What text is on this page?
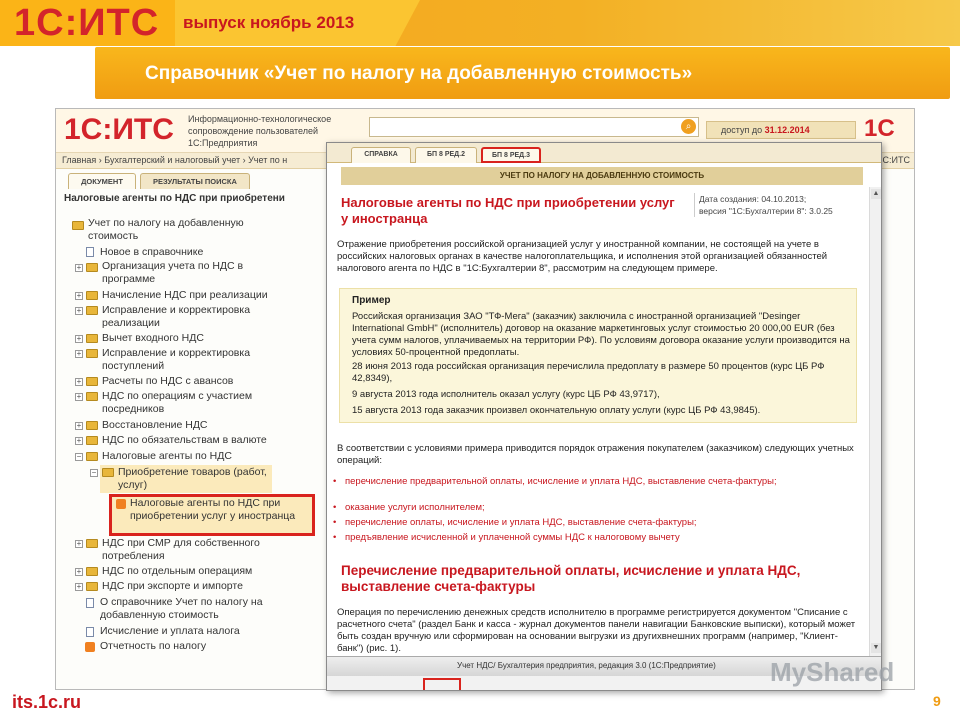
1С:ИТС выпуск ноябрь 2013
Справочник «Учет по налогу на добавленную стоимость»
1С:ИТС Информационно-технологическое сопровождение пользователей 1С:Предприятия
⌕	доступ до 31.12.2014	1С
Главная › Бухгалтерский и налоговый учет › Учет по н	С:ИТС
ДОКУМЕНТ	РЕЗУЛЬТАТЫ ПОИСКА
Налоговые агенты по НДС при приобретени
Учет по налогу на добавленную стоимость
Новое в справочнике
+ Организация учета по НДС в программе
+ Начисление НДС при реализации
+ Исправление и корректировка реализации
+ Вычет входного НДС
+ Исправление и корректировка поступлений
+ Расчеты по НДС с авансов
+ НДС по операциям с участием посредников
+ Восстановление НДС
+ НДС по обязательствам в валюте
− Налоговые агенты по НДС
− Приобретение товаров (работ, услуг)
Налоговые агенты по НДС при приобретении услуг у иностранца
+ НДС при СМР для собственного потребления
+ НДС по отдельным операциям
+ НДС при экспорте и импорте
О справочнике Учет по налогу на добавленную стоимость
Исчисление и уплата налога
Отчетность по налогу
СПРАВКА	БП 8 РЕД.2	БП 8 РЕД.3
УЧЕТ ПО НАЛОГУ НА ДОБАВЛЕННУЮ СТОИМОСТЬ
Налоговые агенты по НДС при приобретении услуг у иностранца
Дата создания: 04.10.2013;
версия "1С:Бухгалтерии 8": 3.0.25
Отражение приобретения российской организацией услуг у иностранной компании, не состоящей на учете в российских налоговых органах в качестве налогоплательщика, и исполнения этой организацией обязанностей налогового агента по НДС в "1С:Бухгалтерии 8", рассмотрим на следующем примере.
Пример
Российская организация ЗАО "ТФ-Мега" (заказчик) заключила с иностранной организацией "Desinger International GmbH" (исполнитель) договор на оказание маркетинговых услуг стоимостью 20 000,00 EUR (без учета сумм налогов, уплачиваемых на территории РФ). По условиям договора оказание услуги производится на условиях 50-процентной предоплаты.
28 июня 2013 года российская организация перечислила предоплату в размере 50 процентов (курс ЦБ РФ 42,8349),
9 августа 2013 года исполнитель оказал услугу (курс ЦБ РФ 43,9717),
15 августа 2013 года заказчик произвел окончательную оплату услуги (курс ЦБ РФ 43,9845).
В соответствии с условиями примера приводится порядок отражения покупателем (заказчиком) следующих учетных операций:
• перечисление предварительной оплаты, исчисление и уплата НДС, выставление счета-фактуры;
• оказание услуги исполнителем;
• перечисление оплаты, исчисление и уплата НДС, выставление счета-фактуры;
• предъявление исчисленной и уплаченной суммы НДС к налоговому вычету
Перечисление предварительной оплаты, исчисление и уплата НДС, выставление счета-фактуры
Операция по перечислению денежных средств исполнителю в программе регистрируется документом "Списание с расчетного счета" (раздел Банк и касса - журнал документов панели навигации Банковские выписки), который может быть создан вручную или сформирован на основании выгрузки из другихвнешних программ (например, "Клиент-банк") (рис. 1).
▲
▼
Учет НДС/ Бухгалтерия предприятия, редакция 3.0 (1С:Предприятие) MyShared
its.1c.ru	9
